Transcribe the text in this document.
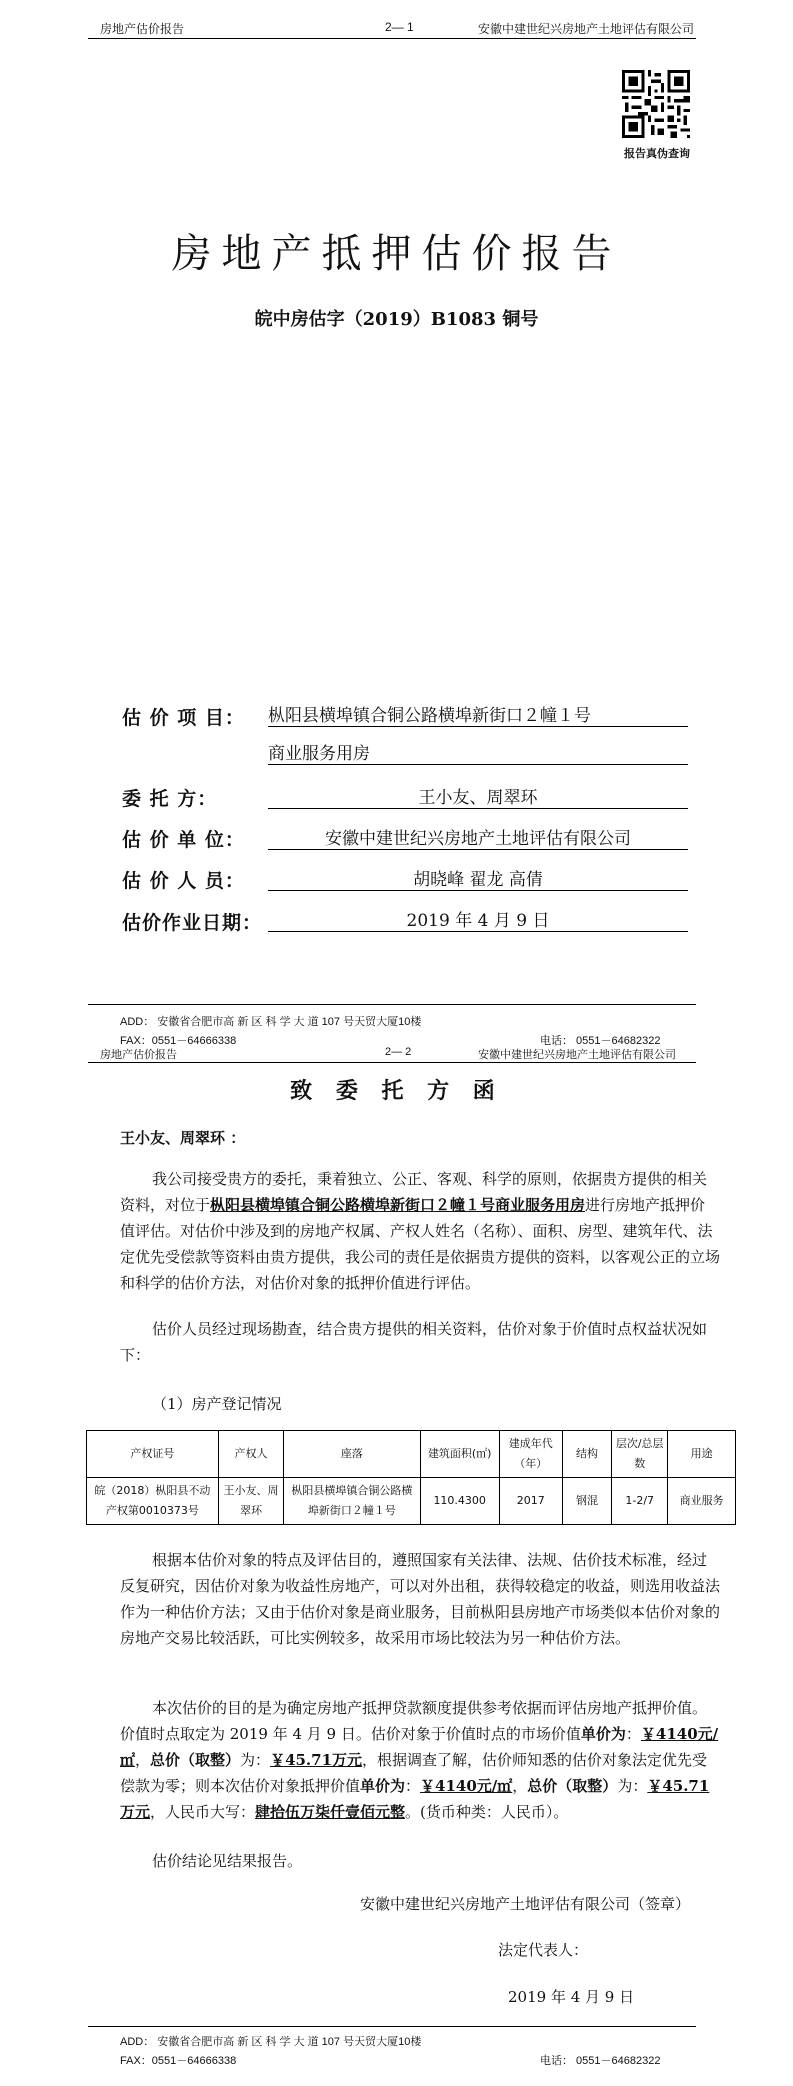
房地产估价报告	2— 1	安徽中建世纪兴房地产土地评估有限公司
报告真伪查询
房地产抵押估价报告
皖中房估字（2019）B1083 铜号
估 价 项 目： 枞阳县横埠镇合铜公路横埠新街口２幢１号
商业服务用房
委 托 方：	王小友、周翠环
估 价 单 位：	安徽中建世纪兴房地产土地评估有限公司
估 价 人 员：	胡晓峰 翟龙 高倩
估价作业日期：	2019 年 4 月 9 日
ADD： 安徽省合肥市高 新 区 科 学 大 道 107 号天贸大厦10楼
FAX：0551－64666338	电话： 0551－64682322
房地产估价报告	2— 2	安徽中建世纪兴房地产土地评估有限公司
致 委 托 方 函
王小友、周翠环 ：
我公司接受贵方的委托，秉着独立、公正、客观、科学的原则，依据贵方提供的相关资料，对位于枞阳县横埠镇合铜公路横埠新街口２幢１号商业服务用房进行房地产抵押价值评估。对估价中涉及到的房地产权属、产权人姓名（名称）、面积、房型、建筑年代、法定优先受偿款等资料由贵方提供，我公司的责任是依据贵方提供的资料，以客观公正的立场和科学的估价方法，对估价对象的抵押价值进行评估。
估价人员经过现场勘查，结合贵方提供的相关资料，估价对象于价值时点权益状况如下：
（1）房产登记情况
产权证号	产权人	座落	建筑面积(㎡)	建成年代（年）	结构	层次/总层数	用途
皖（2018）枞阳县不动产权第0010373号	王小友、周翠环	枞阳县横埠镇合铜公路横埠新街口２幢１号	110.4300	2017	钢混	1-2/7	商业服务
根据本估价对象的特点及评估目的，遵照国家有关法律、法规、估价技术标准，经过反复研究，因估价对象为收益性房地产，可以对外出租，获得较稳定的收益，则选用收益法作为一种估价方法；又由于估价对象是商业服务，目前枞阳县房地产市场类似本估价对象的房地产交易比较活跃，可比实例较多，故采用市场比较法为另一种估价方法。
本次估价的目的是为确定房地产抵押贷款额度提供参考依据而评估房地产抵押价值。价值时点取定为 2019 年 4 月 9 日。估价对象于价值时点的市场价值单价为：￥4140元/㎡，总价（取整）为：￥45.71万元，根据调查了解，估价师知悉的估价对象法定优先受偿款为零；则本次估价对象抵押价值单价为：￥4140元/㎡，总价（取整）为：￥45.71万元，人民币大写：肆拾伍万柒仟壹佰元整。(货币种类：人民币）。
估价结论见结果报告。
安徽中建世纪兴房地产土地评估有限公司（签章）
法定代表人：
2019 年 4 月 9 日
ADD： 安徽省合肥市高 新 区 科 学 大 道 107 号天贸大厦10楼
FAX：0551－64666338	电话： 0551－64682322
